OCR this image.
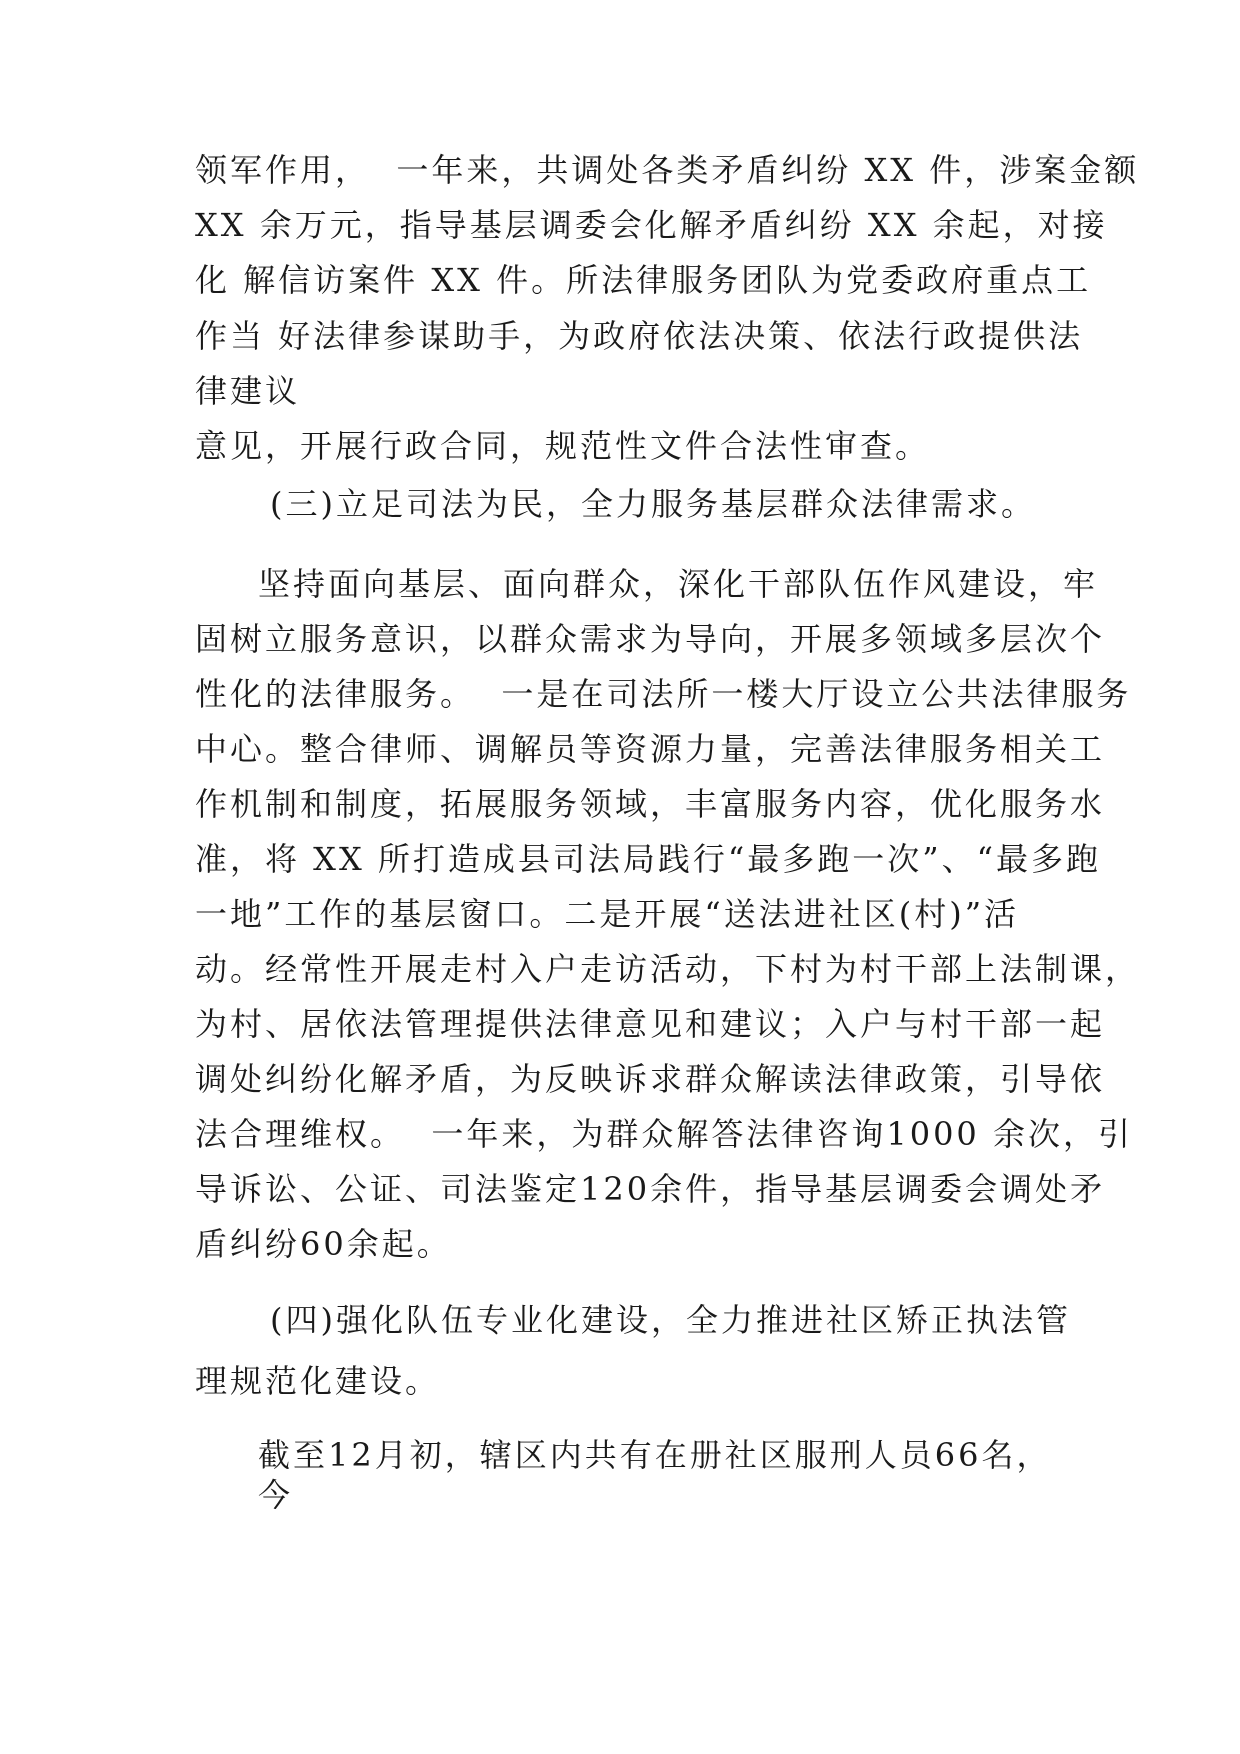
领军作用，  一年来，共调处各类矛盾纠纷 XX 件，涉案金额

XX 余万元，指导基层调委会化解矛盾纠纷 XX 余起，对接

化 解信访案件 XX 件。所法律服务团队为党委政府重点工

作当 好法律参谋助手，为政府依法决策、依法行政提供法

律建议

意见，开展行政合同，规范性文件合法性审查。

(三)立足司法为民，全力服务基层群众法律需求。

坚持面向基层、面向群众，深化干部队伍作风建设，牢

固树立服务意识，以群众需求为导向，开展多领域多层次个

性化的法律服务。  一是在司法所一楼大厅设立公共法律服务

中心。整合律师、调解员等资源力量，完善法律服务相关工

作机制和制度，拓展服务领域，丰富服务内容，优化服务水

准，将 XX 所打造成县司法局践行“最多跑一次”、“最多跑

一地”工作的基层窗口。二是开展“送法进社区(村)”活

动。经常性开展走村入户走访活动，下村为村干部上法制课，

为村、居依法管理提供法律意见和建议；入户与村干部一起

调处纠纷化解矛盾，为反映诉求群众解读法律政策，引导依

法合理维权。  一年来，为群众解答法律咨询1000 余次，引

导诉讼、公证、司法鉴定120余件，指导基层调委会调处矛

盾纠纷60余起。

(四)强化队伍专业化建设，全力推进社区矫正执法管

理规范化建设。

截至12月初，辖区内共有在册社区服刑人员66名，

今
